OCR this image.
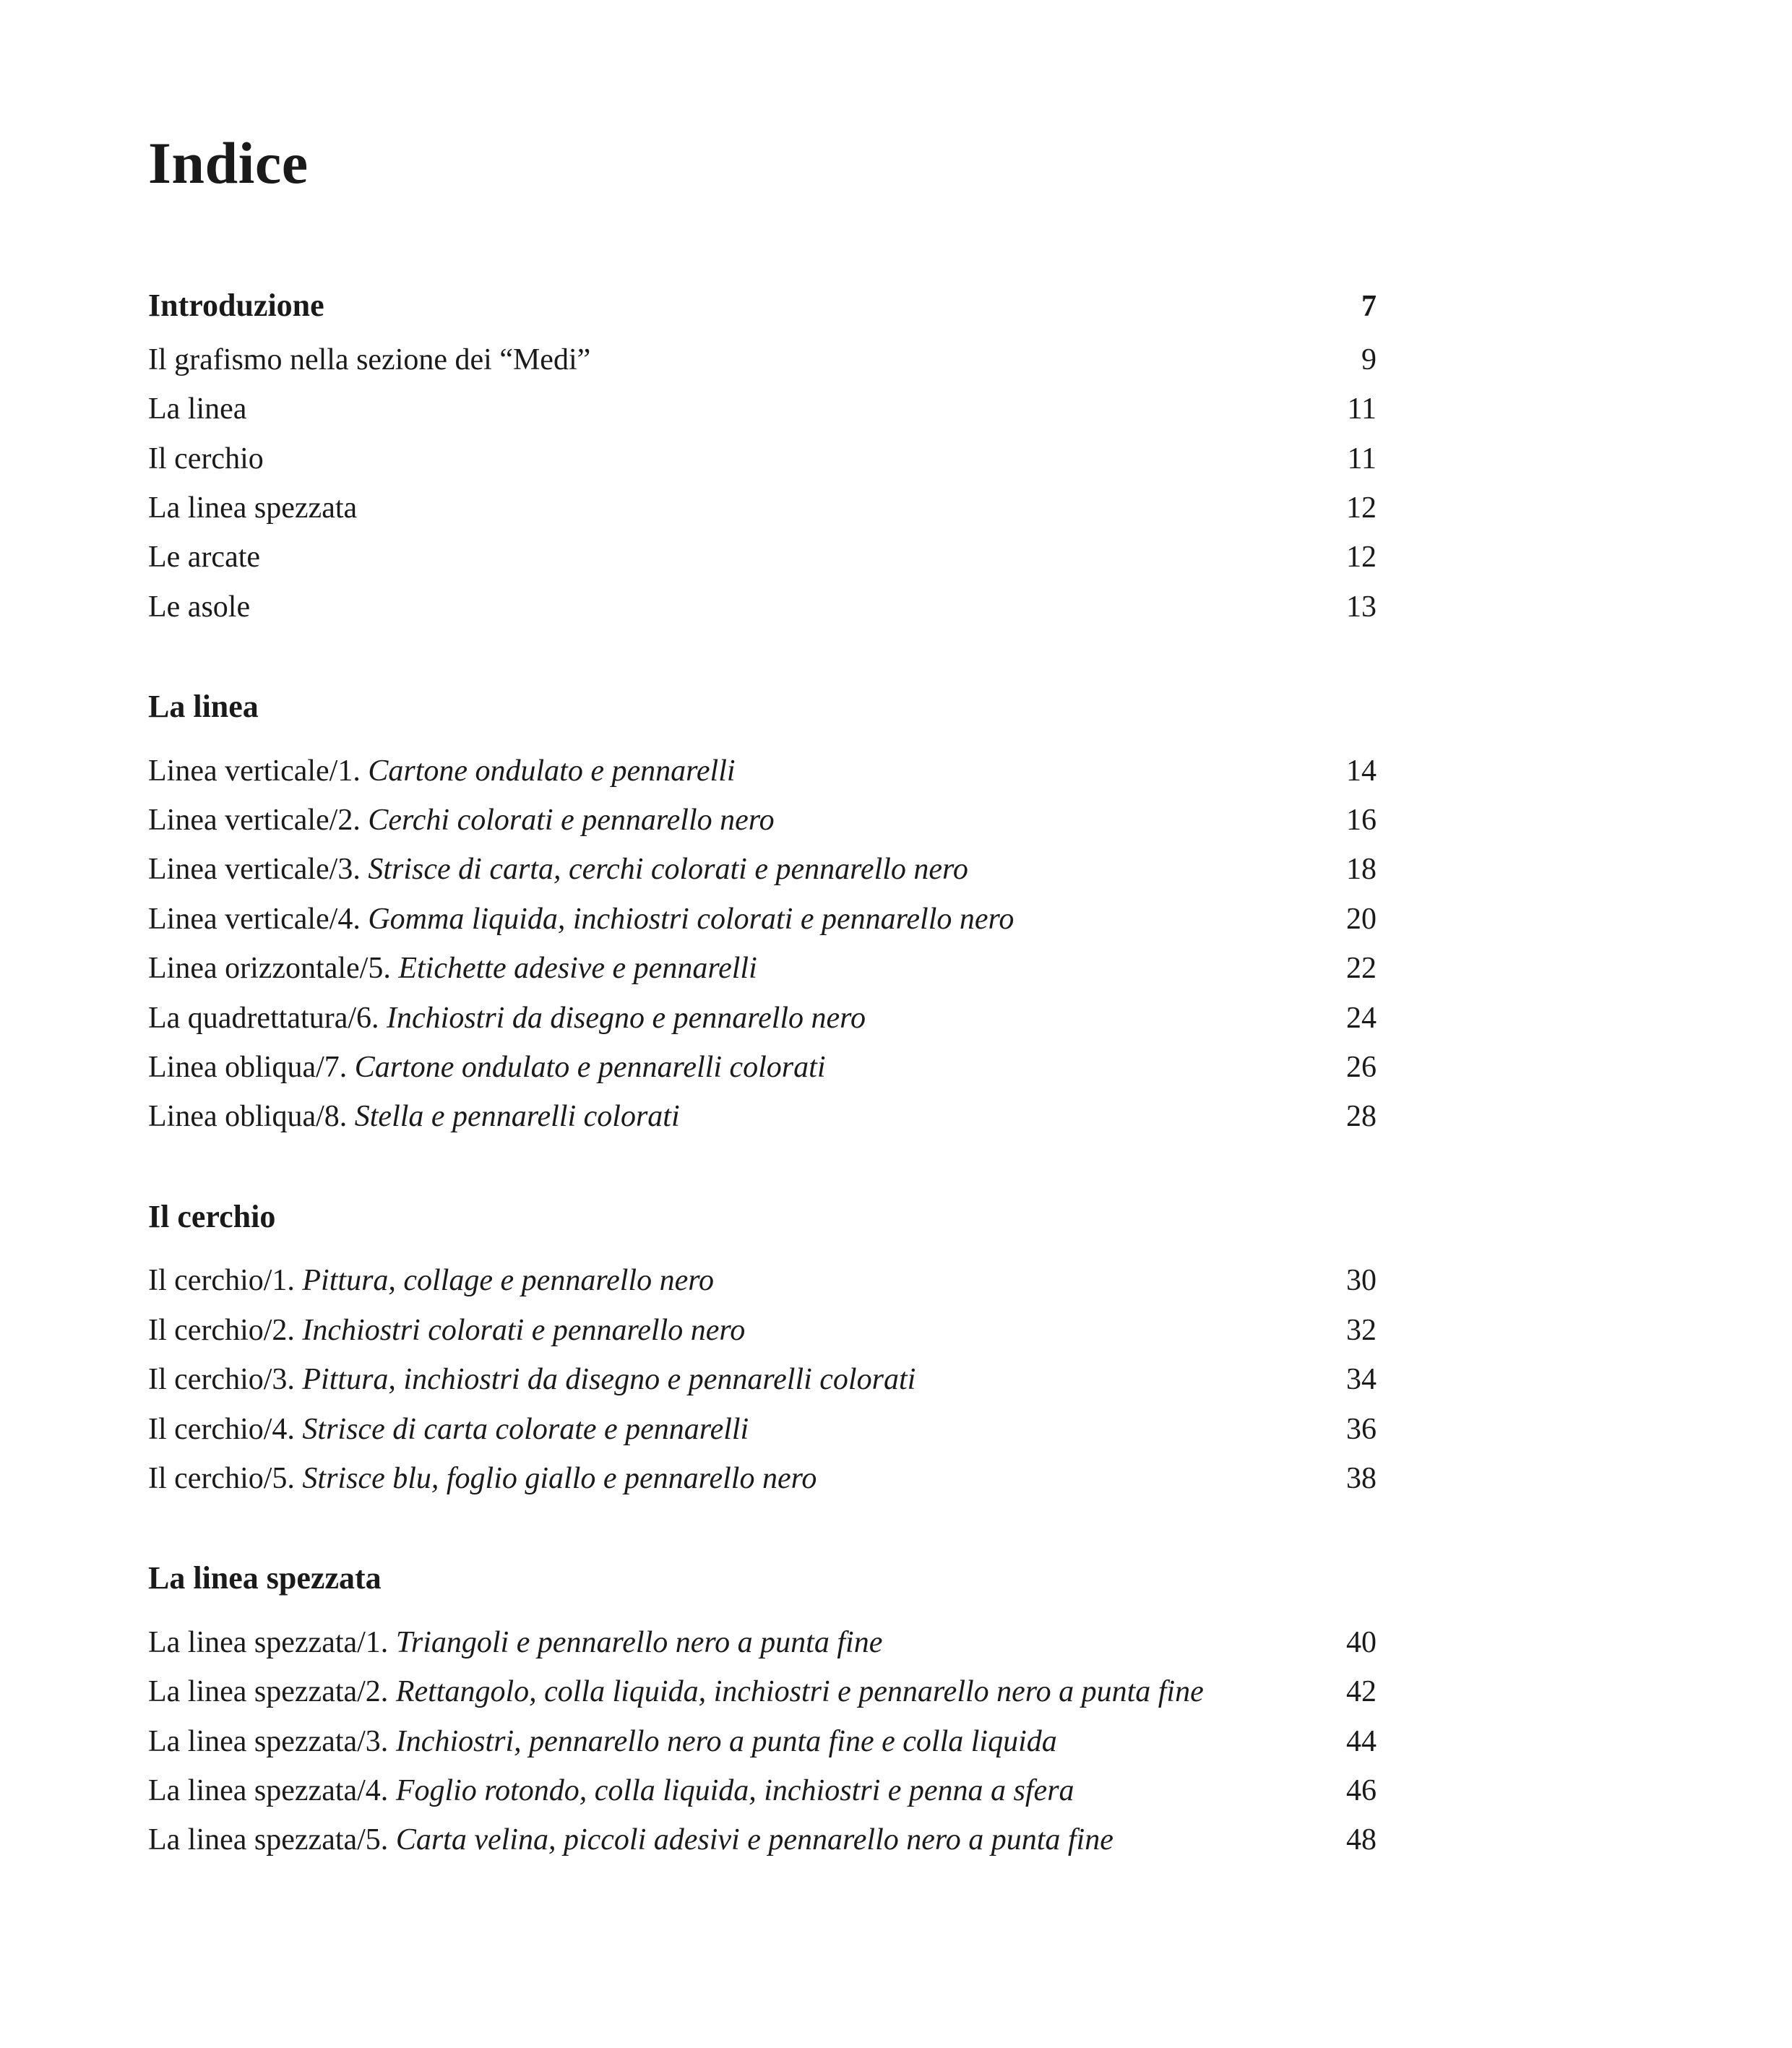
Indice
Introduzione	7
Il grafismo nella sezione dei “Medi”	9
La linea	11
Il cerchio	11
La linea spezzata	12
Le arcate	12
Le asole	13
La linea
Linea verticale/1. Cartone ondulato e pennarelli	14
Linea verticale/2. Cerchi colorati e pennarello nero	16
Linea verticale/3. Strisce di carta, cerchi colorati e pennarello nero	18
Linea verticale/4. Gomma liquida, inchiostri colorati e pennarello nero	20
Linea orizzontale/5. Etichette adesive e pennarelli	22
La quadrettatura/6. Inchiostri da disegno e pennarello nero	24
Linea obliqua/7. Cartone ondulato e pennarelli colorati	26
Linea obliqua/8. Stella e pennarelli colorati	28
Il cerchio
Il cerchio/1. Pittura, collage e pennarello nero	30
Il cerchio/2. Inchiostri colorati e pennarello nero	32
Il cerchio/3. Pittura, inchiostri da disegno e pennarelli colorati	34
Il cerchio/4. Strisce di carta colorate e pennarelli	36
Il cerchio/5. Strisce blu, foglio giallo e pennarello nero	38
La linea spezzata
La linea spezzata/1. Triangoli e pennarello nero a punta fine	40
La linea spezzata/2. Rettangolo, colla liquida, inchiostri e pennarello nero a punta fine	42
La linea spezzata/3. Inchiostri, pennarello nero a punta fine e colla liquida	44
La linea spezzata/4. Foglio rotondo, colla liquida, inchiostri e penna a sfera	46
La linea spezzata/5. Carta velina, piccoli adesivi e pennarello nero a punta fine	48
